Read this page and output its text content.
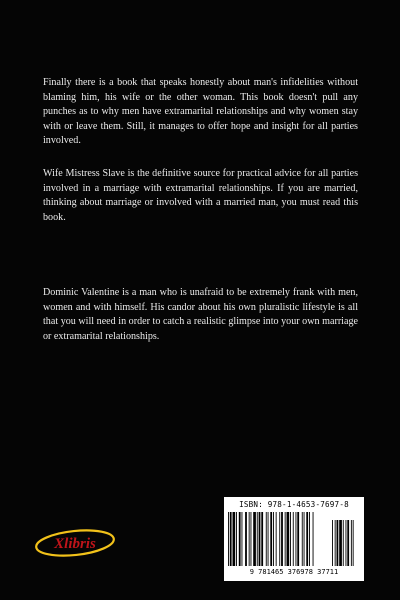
Finally there is a book that speaks honestly about man's infidelities without blaming him, his wife or the other woman. This book doesn't pull any punches as to why men have extramarital relationships and why women stay with or leave them. Still, it manages to offer hope and insight for all parties involved.

Wife Mistress Slave is the definitive source for practical advice for all parties involved in a marriage with extramarital relationships. If you are married, thinking about marriage or involved with a married man, you must read this book.

Dominic Valentine is a man who is unafraid to be extremely frank with men, women and with himself. His candor about his own pluralistic lifestyle is all that you will need in order to catch a realistic glimpse into your own marriage or extramarital relationships.

Xlibris
ISBN: 978-1-4653-7697-8
9 781465 376978 37711
